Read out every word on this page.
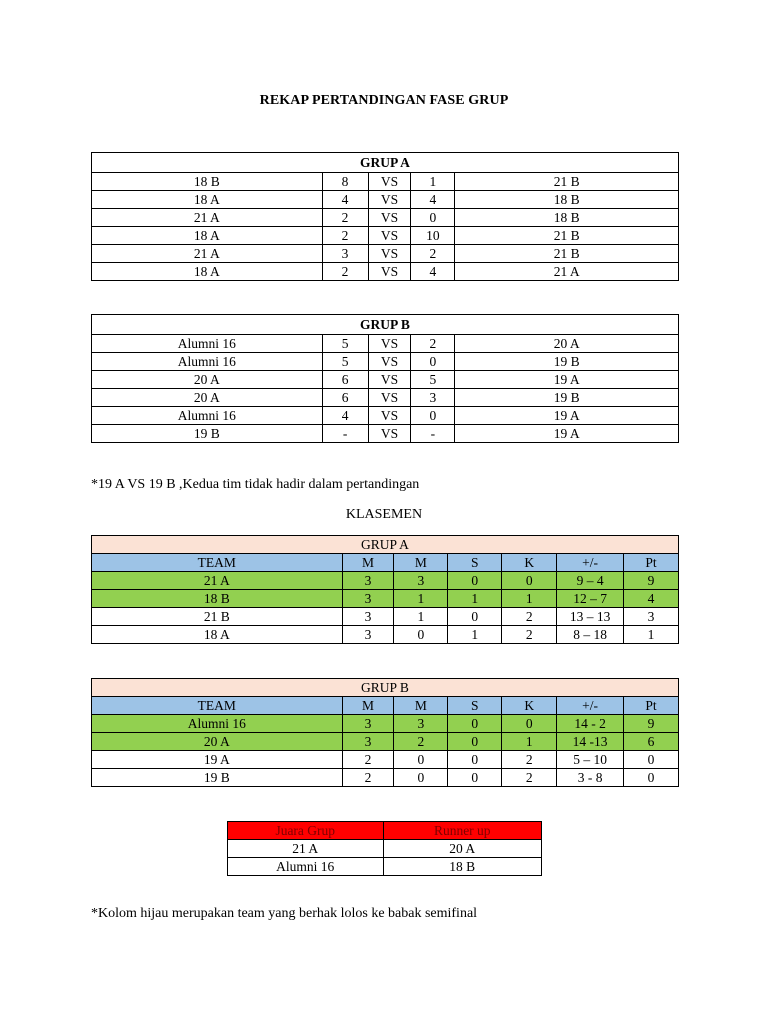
REKAP PERTANDINGAN FASE GRUP
GRUP A				
18 B	8	VS	1	21 B
18 A	4	VS	4	18 B
21 A	2	VS	0	18 B
18 A	2	VS	10	21 B
21 A	3	VS	2	21 B
18 A	2	VS	4	21 A
GRUP B				
Alumni 16	5	VS	2	20 A
Alumni 16	5	VS	0	19 B
20 A	6	VS	5	19 A
20 A	6	VS	3	19 B
Alumni 16	4	VS	0	19 A
19 B	-	VS	-	19 A
*19 A VS 19 B ,Kedua tim tidak hadir dalam pertandingan
KLASEMEN
GRUP A						
TEAM	M	M	S	K	+/-	Pt
21 A	3	3	0	0	9 – 4	9
18 B	3	1	1	1	12 – 7	4
21 B	3	1	0	2	13 – 13	3
18 A	3	0	1	2	8 – 18	1
GRUP B						
TEAM	M	M	S	K	+/-	Pt
Alumni 16	3	3	0	0	14 - 2	9
20 A	3	2	0	1	14 -13	6
19 A	2	0	0	2	5 – 10	0
19 B	2	0	0	2	3 - 8	0
Juara Grup	Runner up
21 A	20 A
Alumni 16	18 B
*Kolom hijau merupakan team yang berhak lolos ke babak semifinal
